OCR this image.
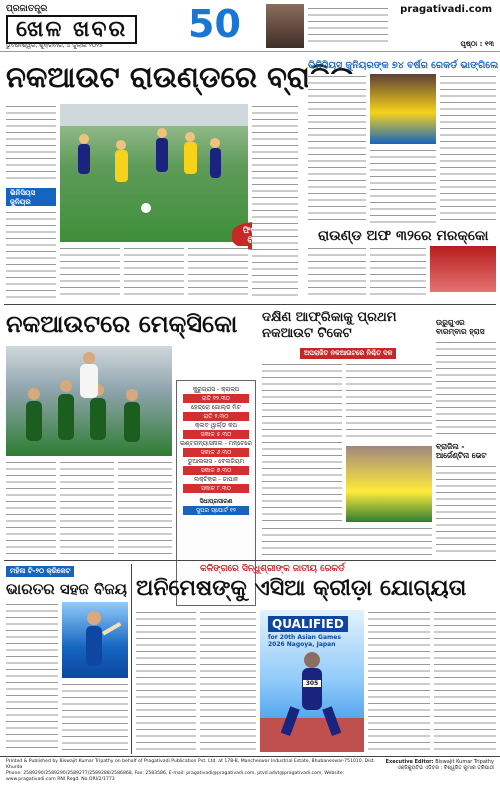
ପ୍ରଜାତନ୍ତ୍ର
ଖେଳ ଖବର 50
ଭୁବନେଶ୍ୱର, ଶୁକ୍ରବାର, ୪ ଜୁଲାଇ ୨୦୨୫
pragativadi.com
ପୃଷ୍ଠା : ୧୩
ନକଆଉଟ ରାଉଣ୍ଡରେ ବ୍ରାଜିଲ
ଫିଫା କ୍ଲବ ବିଶ୍ୱକପ
ଭିନିସିୟସ ଜୁନିୟର
ଭିନିସିୟସ ଜୁନିୟରଙ୍କ ୭୪ ବର୍ଷର ରେକର୍ଡ ଭାଙ୍ଗିଲେ
ରାଉଣ୍ଡ ଅଫ ୩୨ରେ ମରକ୍କୋ
ନକଆଉଟରେ ମେକ୍ସିକୋ
କୁରୁଗ୍ରାସ - କ୍ରାଳ୍ପ
ରାତି ୧୨.୩୦
ହେନ୍ଦ୍ରୋ ଗୋଲ୍ଡ ମିଟ
ରାତି ୨.୩୦
କ୍ଲବ ୱାର୍ଲ୍ଡ କପ
ସକାଳ ୫.୩୦
ଇଣ୍ଟରନ୍ୟାସନାଲ - ମନ୍ଟେରେ
ସକାଳ ୬.୩୦
ଡୁଆଲଳାସ - ବେଲଜିୟମ
ସକାଳ ୭.୩୦
ଲକ୍ଟିକ୍ର - ଜାପାନ
ସକାଳ ୮.୩୦
ସିଧାପ୍ରସାରଣ
ସୁପର ସ୍ପୋର୍ଟ ୧୨
ଦକ୍ଷିଣ ଆଫ୍ରିକାକୁ ପ୍ରଥମ ନକଆଉଟ ଟିକେଟ
ଅପରାଜିତ ନକଆଉଟରେ ନିଶ୍ଚିତ ଦଳ
ଉରୁଗୁଏର ବାରମ୍ବାର ହ୍ରାସ
ବ୍ରାଜିଲ - ଆର୍ଜେଣ୍ଟିନା ଭେଟ
କଳିଙ୍ଗରେ ସିନ୍ଧୁଶ୍ରୀଙ୍କ ଜାତୀୟ ରେକର୍ଡ
ମହିଳା ଟି-୨୦ କ୍ରିକେଟ
ଭାରତର ସହଜ ବିଜୟ ଅନିମେଷଙ୍କୁ ଏସିଆ କ୍ରୀଡ଼ା ଯୋଗ୍ୟତା
QUALIFIED
for 20th Asian Games 2026 Nagoya, Japan
305
Printed & Published by Biswajit Kumar Tripathy on behalf of Pragativadi Publication Pvt. Ltd. at 178-B, Mancheswar Industrial Estate, Bhubaneswar-751010, Dist. Khurda
Phone: 2589290/2589290/2589277/2589288/2586868, Fax: 2583586, E-mail: pragativadi@pragativadi.com, ptvd.advt@pragativadi.com, Website: www.pragativadi.com RNI Regd. No.ORI/2/1773
Executive Editor: Biswajit Kumar Tripathy
ଏକ୍ଜିକ୍ୟୁଟିଭ ଏଡିଟର : ବିଶ୍ୱଜିତ କୁମାର ତ୍ରିପାଠୀ
